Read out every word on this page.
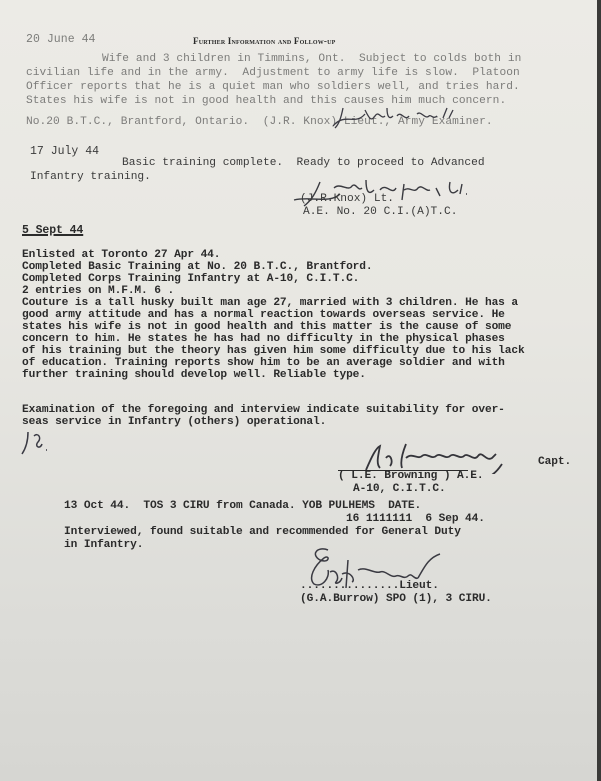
20 June 44	Further Information and Follow-up
Wife and 3 children in Timmins, Ont.  Subject to colds both in
civilian life and in the army.  Adjustment to army life is slow.  Platoon
Officer reports that he is a quiet man who soldiers well, and tries hard.
States his wife is not in good health and this causes him much concern.
No.20 B.T.C., Brantford, Ontario.  (J.R. Knox) Lieut., Army Examiner.
17 July 44
Basic training complete.  Ready to proceed to Advanced
Infantry training.
(J.R.Knox) Lt.
A.E. No. 20 C.I.(A)T.C.
5 Sept 44
Enlisted at Toronto 27 Apr 44.
Completed Basic Training at No. 20 B.T.C., Brantford.
Completed Corps Training Infantry at A-10, C.I.T.C.
2 entries on M.F.M. 6 .
Couture is a tall husky built man age 27, married with 3 children. He has a
good army attitude and has a normal reaction towards overseas service. He
states his wife is not in good health and this matter is the cause of some
concern to him. He states he has had no difficulty in the physical phases
of his training but the theory has given him some difficulty due to his lack
of education. Training reports show him to be an average soldier and with
further training should develop well. Reliable type.
Examination of the foregoing and interview indicate suitability for over-
seas service in Infantry (others) operational.
Capt.
( L.E. Browning ) A.E.
A-10, C.I.T.C.
13 Oct 44.  TOS 3 CIRU from Canada. YOB PULHEMS  DATE.
16 1111111  6 Sep 44.
Interviewed, found suitable and recommended for General Duty
in Infantry.
...............Lieut.
(G.A.Burrow) SPO (1), 3 CIRU.
